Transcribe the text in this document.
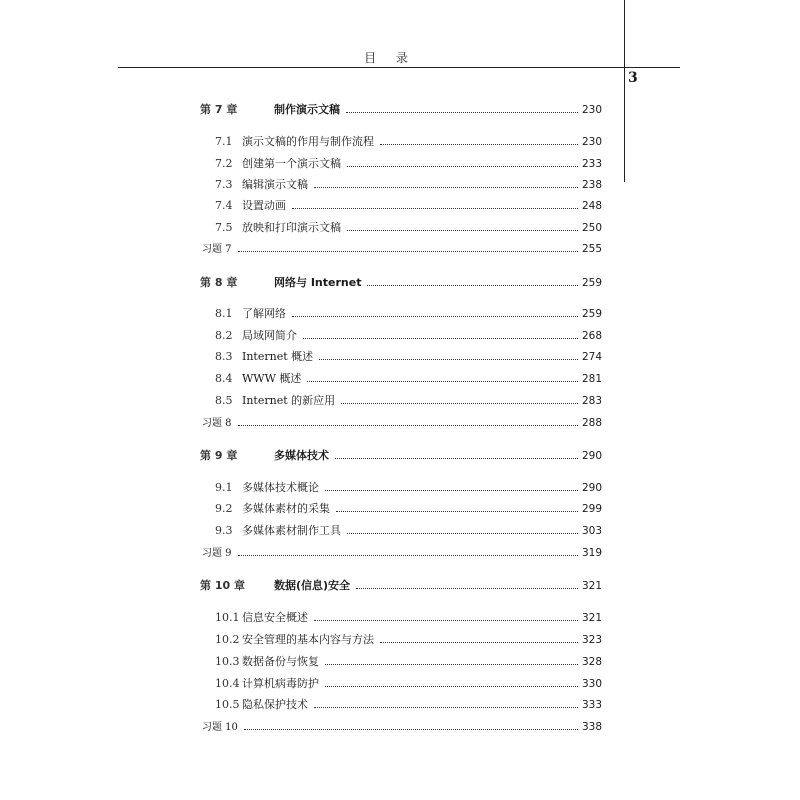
目 录
3
第 7 章	制作演示文稿	230
7.1 演示文稿的作用与制作流程	230
7.2 创建第一个演示文稿	233
7.3 编辑演示文稿	238
7.4 设置动画	248
7.5 放映和打印演示文稿	250
习题 7	255
第 8 章	网络与 Internet	259
8.1 了解网络	259
8.2 局域网简介	268
8.3 Internet 概述	274
8.4 WWW 概述	281
8.5 Internet 的新应用	283
习题 8	288
第 9 章	多媒体技术	290
9.1 多媒体技术概论	290
9.2 多媒体素材的采集	299
9.3 多媒体素材制作工具	303
习题 9	319
第 10 章	数据(信息)安全	321
10.1 信息安全概述	321
10.2 安全管理的基本内容与方法	323
10.3 数据备份与恢复	328
10.4 计算机病毒防护	330
10.5 隐私保护技术	333
习题 10	338
